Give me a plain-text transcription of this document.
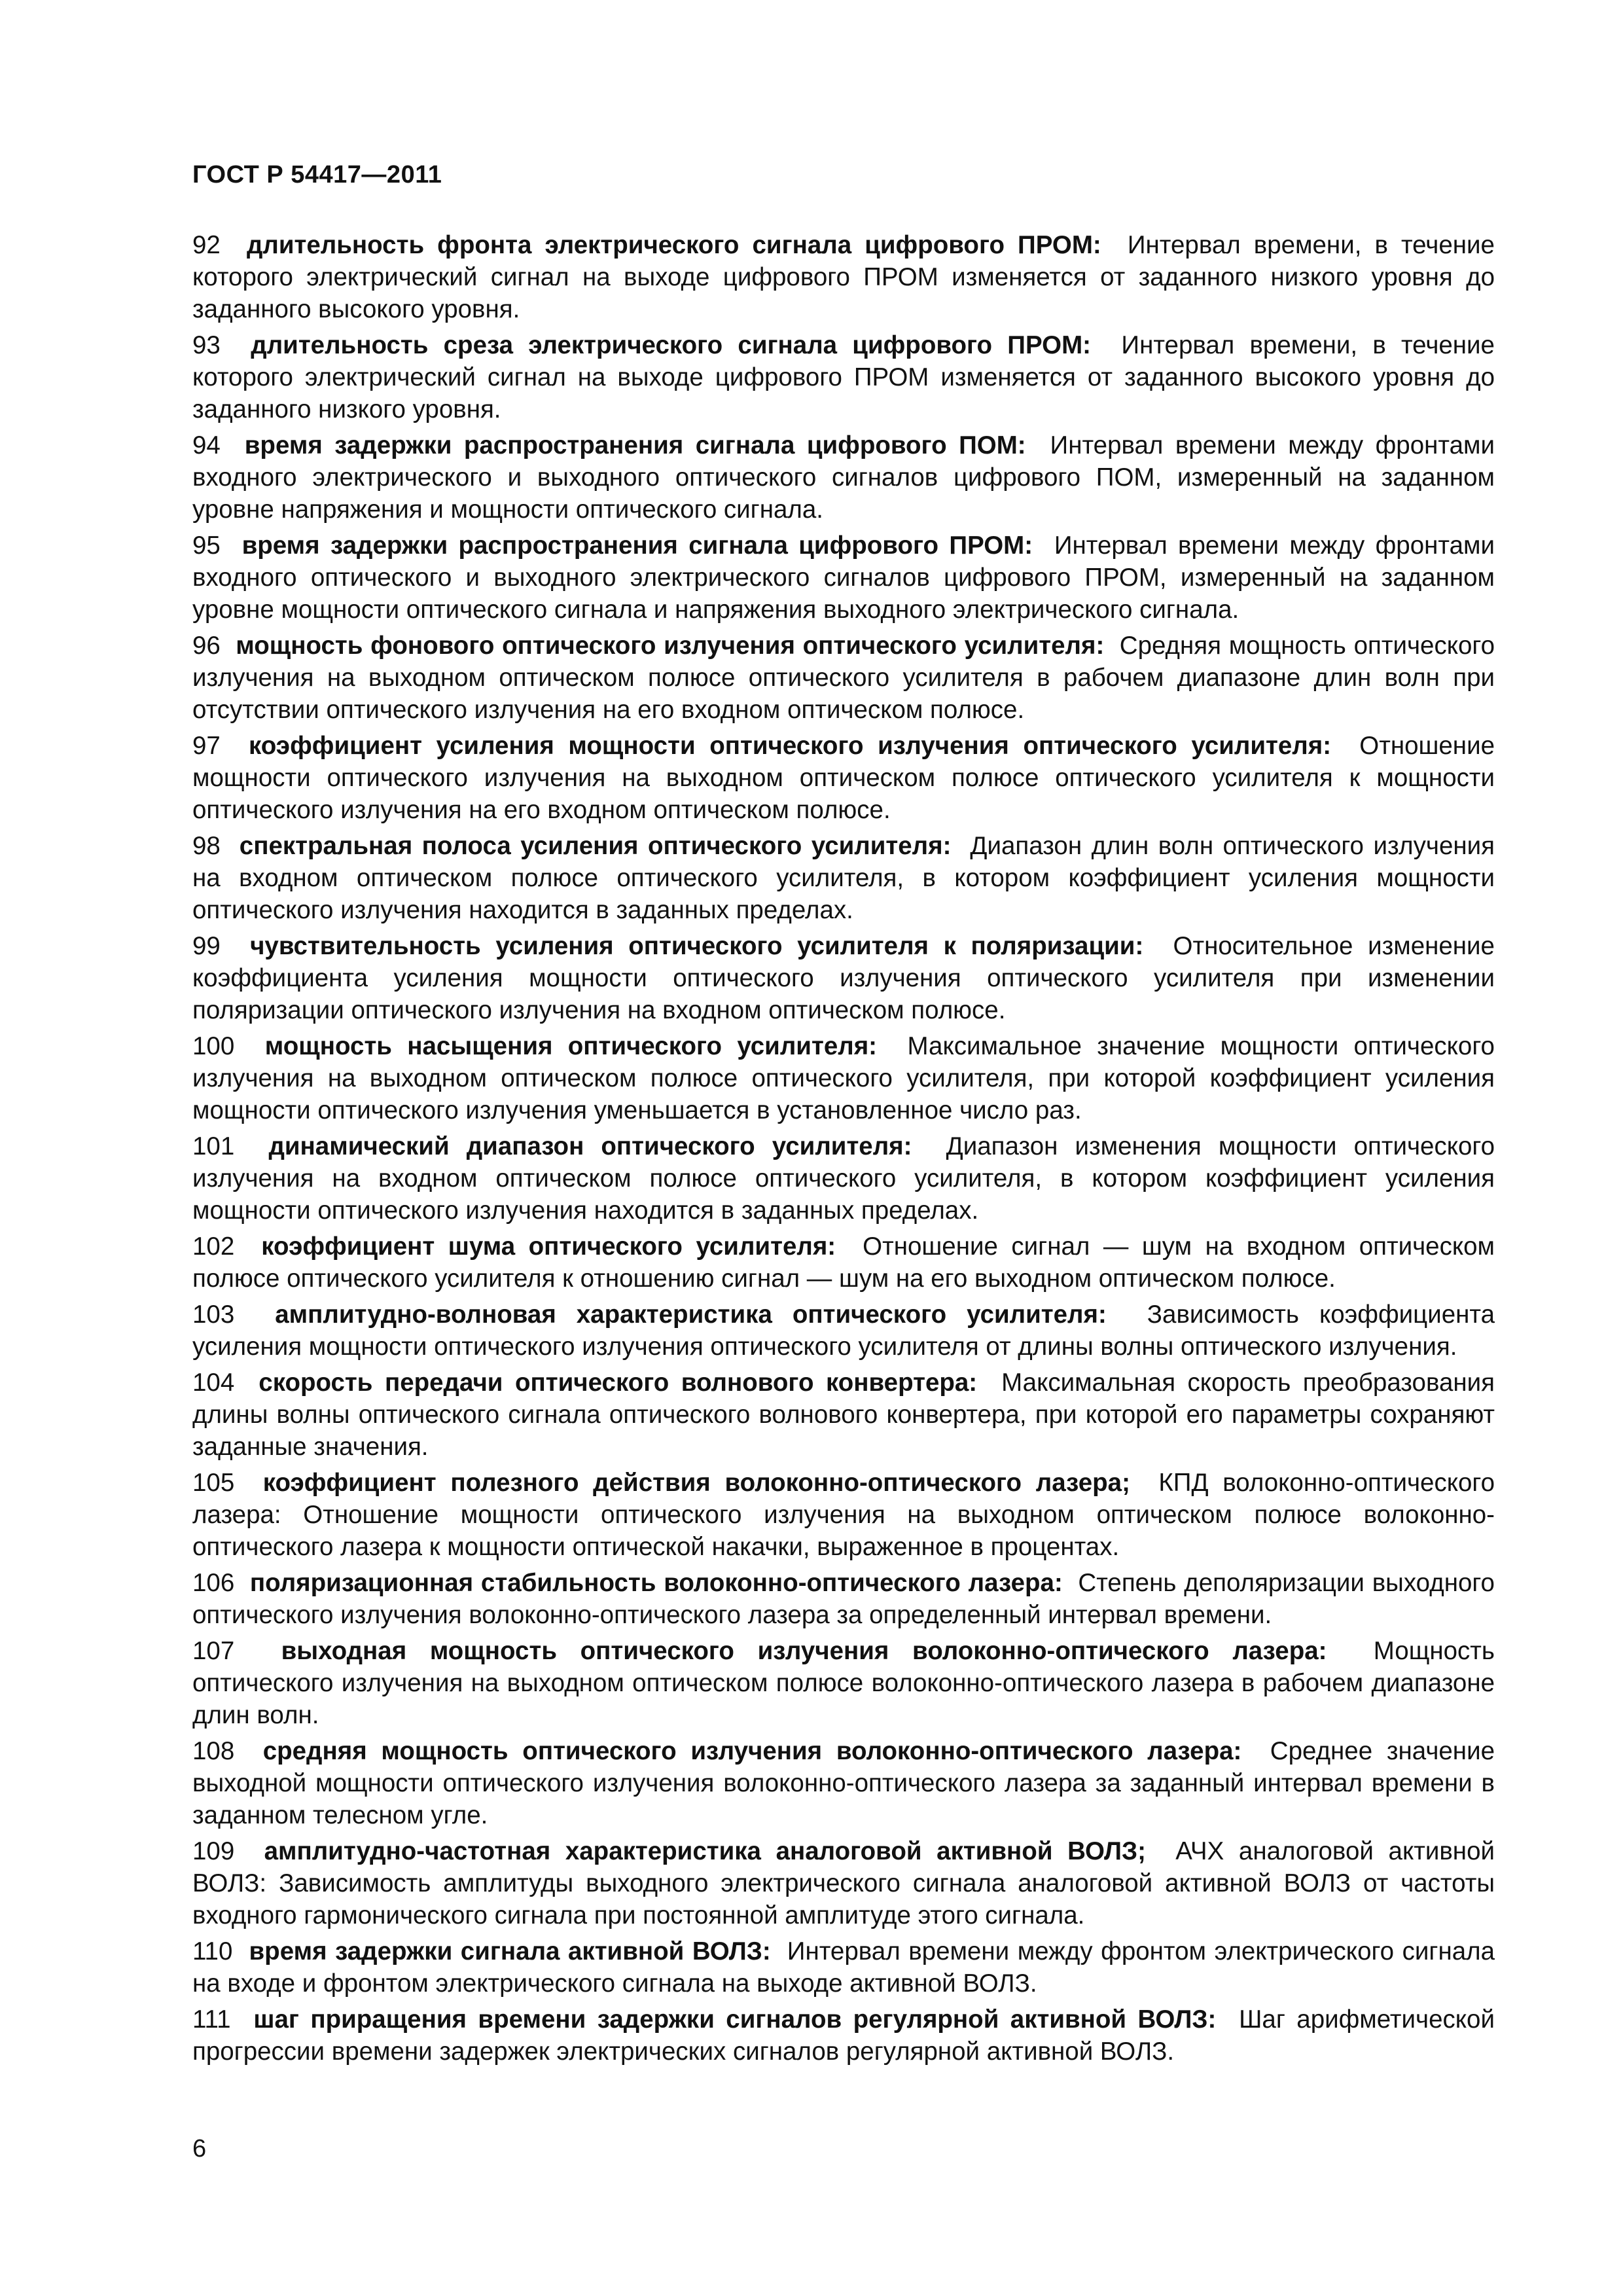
ГОСТ Р 54417—2011
92 длительность фронта электрического сигнала цифрового ПРОМ: Интервал времени, в течение которого электрический сигнал на выходе цифрового ПРОМ изменяется от заданного низкого уровня до заданного высокого уровня.
93 длительность среза электрического сигнала цифрового ПРОМ: Интервал времени, в течение которого электрический сигнал на выходе цифрового ПРОМ изменяется от заданного высокого уровня до заданного низкого уровня.
94 время задержки распространения сигнала цифрового ПОМ: Интервал времени между фронтами входного электрического и выходного оптического сигналов цифрового ПОМ, измеренный на заданном уровне напряжения и мощности оптического сигнала.
95 время задержки распространения сигнала цифрового ПРОМ: Интервал времени между фронтами входного оптического и выходного электрического сигналов цифрового ПРОМ, измеренный на заданном уровне мощности оптического сигнала и напряжения выходного электрического сигнала.
96 мощность фонового оптического излучения оптического усилителя: Средняя мощность оптического излучения на выходном оптическом полюсе оптического усилителя в рабочем диапазоне длин волн при отсутствии оптического излучения на его входном оптическом полюсе.
97 коэффициент усиления мощности оптического излучения оптического усилителя: Отношение мощности оптического излучения на выходном оптическом полюсе оптического усилителя к мощности оптического излучения на его входном оптическом полюсе.
98 спектральная полоса усиления оптического усилителя: Диапазон длин волн оптического излучения на входном оптическом полюсе оптического усилителя, в котором коэффициент усиления мощности оптического излучения находится в заданных пределах.
99 чувствительность усиления оптического усилителя к поляризации: Относительное изменение коэффициента усиления мощности оптического излучения оптического усилителя при изменении поляризации оптического излучения на входном оптическом полюсе.
100 мощность насыщения оптического усилителя: Максимальное значение мощности оптического излучения на выходном оптическом полюсе оптического усилителя, при которой коэффициент усиления мощности оптического излучения уменьшается в установленное число раз.
101 динамический диапазон оптического усилителя: Диапазон изменения мощности оптического излучения на входном оптическом полюсе оптического усилителя, в котором коэффициент усиления мощности оптического излучения находится в заданных пределах.
102 коэффициент шума оптического усилителя: Отношение сигнал — шум на входном оптическом полюсе оптического усилителя к отношению сигнал — шум на его выходном оптическом полюсе.
103 амплитудно-волновая характеристика оптического усилителя: Зависимость коэффициента усиления мощности оптического излучения оптического усилителя от длины волны оптического излучения.
104 скорость передачи оптического волнового конвертера: Максимальная скорость преобразования длины волны оптического сигнала оптического волнового конвертера, при которой его параметры сохраняют заданные значения.
105 коэффициент полезного действия волоконно-оптического лазера; КПД волоконно-оптического лазера: Отношение мощности оптического излучения на выходном оптическом полюсе волоконно-оптического лазера к мощности оптической накачки, выраженное в процентах.
106 поляризационная стабильность волоконно-оптического лазера: Степень деполяризации выходного оптического излучения волоконно-оптического лазера за определенный интервал времени.
107 выходная мощность оптического излучения волоконно-оптического лазера: Мощность оптического излучения на выходном оптическом полюсе волоконно-оптического лазера в рабочем диапазоне длин волн.
108 средняя мощность оптического излучения волоконно-оптического лазера: Среднее значение выходной мощности оптического излучения волоконно-оптического лазера за заданный интервал времени в заданном телесном угле.
109 амплитудно-частотная характеристика аналоговой активной ВОЛЗ; АЧХ аналоговой активной ВОЛЗ: Зависимость амплитуды выходного электрического сигнала аналоговой активной ВОЛЗ от частоты входного гармонического сигнала при постоянной амплитуде этого сигнала.
110 время задержки сигнала активной ВОЛЗ: Интервал времени между фронтом электрического сигнала на входе и фронтом электрического сигнала на выходе активной ВОЛЗ.
111 шаг приращения времени задержки сигналов регулярной активной ВОЛЗ: Шаг арифметической прогрессии времени задержек электрических сигналов регулярной активной ВОЛЗ.
6
